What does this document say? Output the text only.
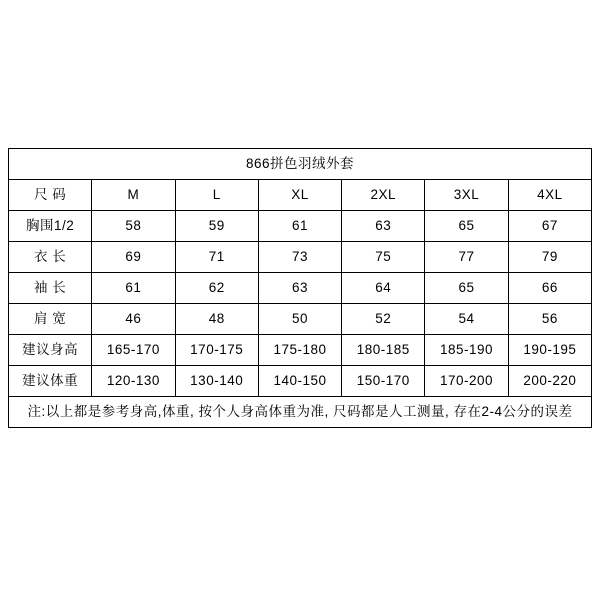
866拼色羽绒外套						
尺 码	M	L	XL	2XL	3XL	4XL
胸围1/2	58	59	61	63	65	67
衣 长	69	71	73	75	77	79
袖 长	61	62	63	64	65	66
肩 宽	46	48	50	52	54	56
建议身高	165-170	170-175	175-180	180-185	185-190	190-195
建议体重	120-130	130-140	140-150	150-170	170-200	200-220
注:以上都是参考身高,体重, 按个人身高体重为准, 尺码都是人工测量, 存在2-4公分的误差						
